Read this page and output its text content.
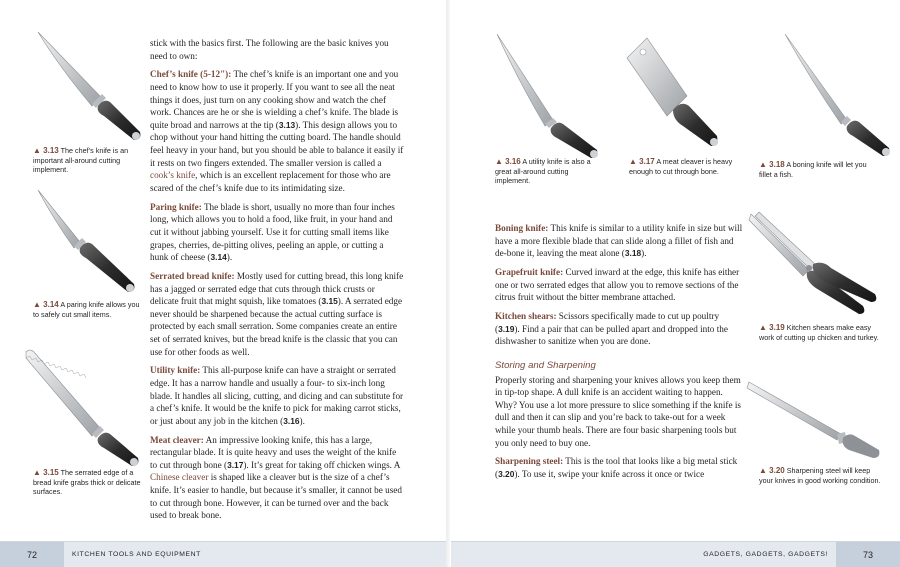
▲ 3.13 The chef’s knife is an important all-around cutting implement.
▲ 3.14 A paring knife allows you to safely cut small items.
▲ 3.15 The serrated edge of a bread knife grabs thick or delicate surfaces.

stick with the basics first. The following are the basic knives you need to own:

Chef’s knife (5-12"): The chef’s knife is an important one and you need to know how to use it properly. If you want to see all the neat things it does, just turn on any cooking show and watch the chef work. Chances are he or she is wielding a chef’s knife. The blade is quite broad and narrows at the tip (3.13). This design allows you to chop without your hand hitting the cutting board. The handle should feel heavy in your hand, but you should be able to balance it easily if it rests on two fingers extended. The smaller version is called a cook’s knife, which is an excellent replacement for those who are scared of the chef’s knife due to its intimidating size.

Paring knife: The blade is short, usually no more than four inches long, which allows you to hold a food, like fruit, in your hand and cut it without jabbing yourself. Use it for cutting small items like grapes, cherries, de-pitting olives, peeling an apple, or cutting a hunk of cheese (3.14).

Serrated bread knife: Mostly used for cutting bread, this long knife has a jagged or serrated edge that cuts through thick crusts or delicate fruit that might squish, like tomatoes (3.15). A serrated edge never should be sharpened because the actual cutting surface is protected by each small serration. Some companies create an entire set of serrated knives, but the bread knife is the classic that you can use for other foods as well.

Utility knife: This all-purpose knife can have a straight or serrated edge. It has a narrow handle and usually a four- to six-inch long blade. It handles all slicing, cutting, and dicing and can substitute for a chef’s knife. It would be the knife to pick for making carrot sticks, or just about any job in the kitchen (3.16).

Meat cleaver: An impressive looking knife, this has a large, rectangular blade. It is quite heavy and uses the weight of the knife to cut through bone (3.17). It’s great for taking off chicken wings. A Chinese cleaver is shaped like a cleaver but is the size of a chef’s knife. It’s easier to handle, but because it’s smaller, it cannot be used to cut through bone. However, it can be turned over and the back used to break bone.

72	KITCHEN TOOLS AND EQUIPMENT
▲ 3.16 A utility knife is also a great all-around cutting implement.
▲ 3.17 A meat cleaver is heavy enough to cut through bone.
▲ 3.18 A boning knife will let you fillet a fish.

Boning knife: This knife is similar to a utility knife in size but will have a more flexible blade that can slide along a fillet of fish and de-bone it, leaving the meat alone (3.18).

Grapefruit knife: Curved inward at the edge, this knife has either one or two serrated edges that allow you to remove sections of the citrus fruit without the bitter membrane attached.

Kitchen shears: Scissors specifically made to cut up poultry (3.19). Find a pair that can be pulled apart and dropped into the dishwasher to sanitize when you are done.

Storing and Sharpening

Properly storing and sharpening your knives allows you keep them in tip-top shape. A dull knife is an accident waiting to happen. Why? You use a lot more pressure to slice something if the knife is dull and then it can slip and you’re back to take-out for a week while your thumb heals. There are four basic sharpening tools but you only need to buy one.

Sharpening steel: This is the tool that looks like a big metal stick (3.20). To use it, swipe your knife across it once or twice

▲ 3.19 Kitchen shears make easy work of cutting up chicken and turkey.
▲ 3.20 Sharpening steel will keep your knives in good working condition.
GADGETS, GADGETS, GADGETS!	73
